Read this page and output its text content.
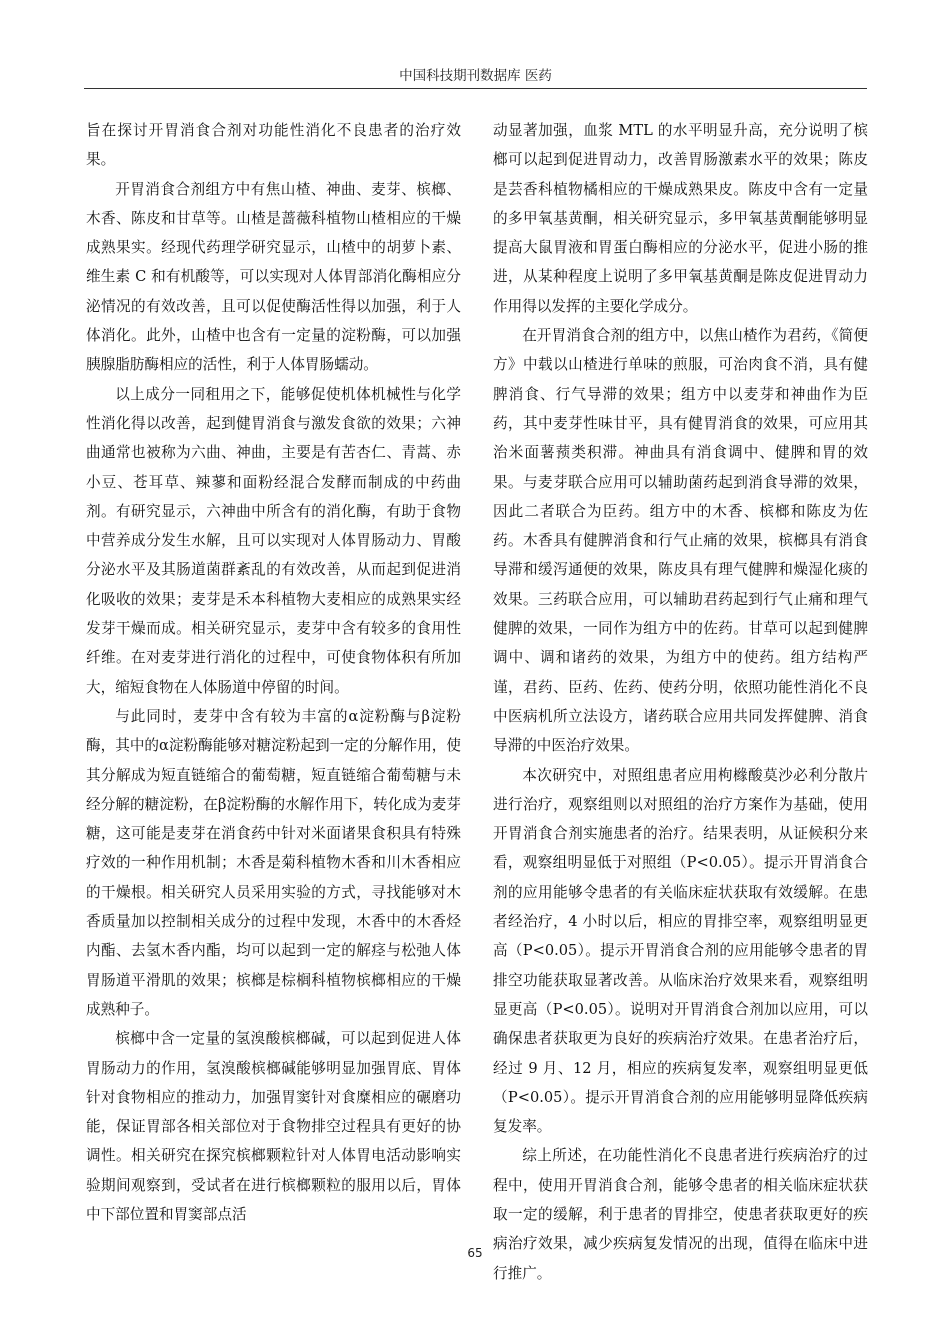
中国科技期刊数据库 医药

旨在探讨开胃消食合剂对功能性消化不良患者的治疗效果。

开胃消食合剂组方中有焦山楂、神曲、麦芽、槟榔、木香、陈皮和甘草等。山楂是蔷薇科植物山楂相应的干燥成熟果实。经现代药理学研究显示，山楂中的胡萝卜素、维生素 C 和有机酸等，可以实现对人体胃部消化酶相应分泌情况的有效改善，且可以促使酶活性得以加强，利于人体消化。此外，山楂中也含有一定量的淀粉酶，可以加强胰腺脂肪酶相应的活性，利于人体胃肠蠕动。

以上成分一同租用之下，能够促使机体机械性与化学性消化得以改善，起到健胃消食与激发食欲的效果；六神曲通常也被称为六曲、神曲，主要是有苦杏仁、青蒿、赤小豆、苍耳草、辣蓼和面粉经混合发酵而制成的中药曲剂。有研究显示，六神曲中所含有的消化酶，有助于食物中营养成分发生水解，且可以实现对人体胃肠动力、胃酸分泌水平及其肠道菌群紊乱的有效改善，从而起到促进消化吸收的效果；麦芽是禾本科植物大麦相应的成熟果实经发芽干燥而成。相关研究显示，麦芽中含有较多的食用性纤维。在对麦芽进行消化的过程中，可使食物体积有所加大，缩短食物在人体肠道中停留的时间。

与此同时，麦芽中含有较为丰富的α淀粉酶与β淀粉酶，其中的α淀粉酶能够对糖淀粉起到一定的分解作用，使其分解成为短直链缩合的葡萄糖，短直链缩合葡萄糖与未经分解的糖淀粉，在β淀粉酶的水解作用下，转化成为麦芽糖，这可能是麦芽在消食药中针对米面诸果食积具有特殊疗效的一种作用机制；木香是菊科植物木香和川木香相应的干燥根。相关研究人员采用实验的方式，寻找能够对木香质量加以控制相关成分的过程中发现，木香中的木香烃内酯、去氢木香内酯，均可以起到一定的解痉与松弛人体胃肠道平滑肌的效果；槟榔是棕榈科植物槟榔相应的干燥成熟种子。

槟榔中含一定量的氢溴酸槟榔碱，可以起到促进人体胃肠动力的作用，氢溴酸槟榔碱能够明显加强胃底、胃体针对食物相应的推动力，加强胃窦针对食糜相应的碾磨功能，保证胃部各相关部位对于食物排空过程具有更好的协调性。相关研究在探究槟榔颗粒针对人体胃电活动影响实验期间观察到，受试者在进行槟榔颗粒的服用以后，胃体中下部位置和胃窦部点活

动显著加强，血浆 MTL 的水平明显升高，充分说明了槟榔可以起到促进胃动力，改善胃肠激素水平的效果；陈皮是芸香科植物橘相应的干燥成熟果皮。陈皮中含有一定量的多甲氧基黄酮，相关研究显示，多甲氧基黄酮能够明显提高大鼠胃液和胃蛋白酶相应的分泌水平，促进小肠的推进，从某种程度上说明了多甲氧基黄酮是陈皮促进胃动力作用得以发挥的主要化学成分。

在开胃消食合剂的组方中，以焦山楂作为君药，《简便方》中载以山楂进行单味的煎服，可治肉食不消，具有健脾消食、行气导滞的效果；组方中以麦芽和神曲作为臣药，其中麦芽性味甘平，具有健胃消食的效果，可应用其治米面薯蓣类积滞。神曲具有消食调中、健脾和胃的效果。与麦芽联合应用可以辅助菌药起到消食导滞的效果，因此二者联合为臣药。组方中的木香、槟榔和陈皮为佐药。木香具有健脾消食和行气止痛的效果，槟榔具有消食导滞和缓泻通便的效果，陈皮具有理气健脾和燥湿化痰的效果。三药联合应用，可以辅助君药起到行气止痛和理气健脾的效果，一同作为组方中的佐药。甘草可以起到健脾调中、调和诸药的效果，为组方中的使药。组方结构严谨，君药、臣药、佐药、使药分明，依照功能性消化不良中医病机所立法设方，诸药联合应用共同发挥健脾、消食导滞的中医治疗效果。

本次研究中，对照组患者应用枸橼酸莫沙必利分散片进行治疗，观察组则以对照组的治疗方案作为基础，使用开胃消食合剂实施患者的治疗。结果表明，从证候积分来看，观察组明显低于对照组（P<0.05）。提示开胃消食合剂的应用能够令患者的有关临床症状获取有效缓解。在患者经治疗，4 小时以后，相应的胃排空率，观察组明显更高（P<0.05）。提示开胃消食合剂的应用能够令患者的胃排空功能获取显著改善。从临床治疗效果来看，观察组明显更高（P<0.05）。说明对开胃消食合剂加以应用，可以确保患者获取更为良好的疾病治疗效果。在患者治疗后，经过 9 月、12 月，相应的疾病复发率，观察组明显更低（P<0.05）。提示开胃消食合剂的应用能够明显降低疾病复发率。

综上所述，在功能性消化不良患者进行疾病治疗的过程中，使用开胃消食合剂，能够令患者的相关临床症状获取一定的缓解，利于患者的胃排空，使患者获取更好的疾病治疗效果，减少疾病复发情况的出现，值得在临床中进行推广。

65
